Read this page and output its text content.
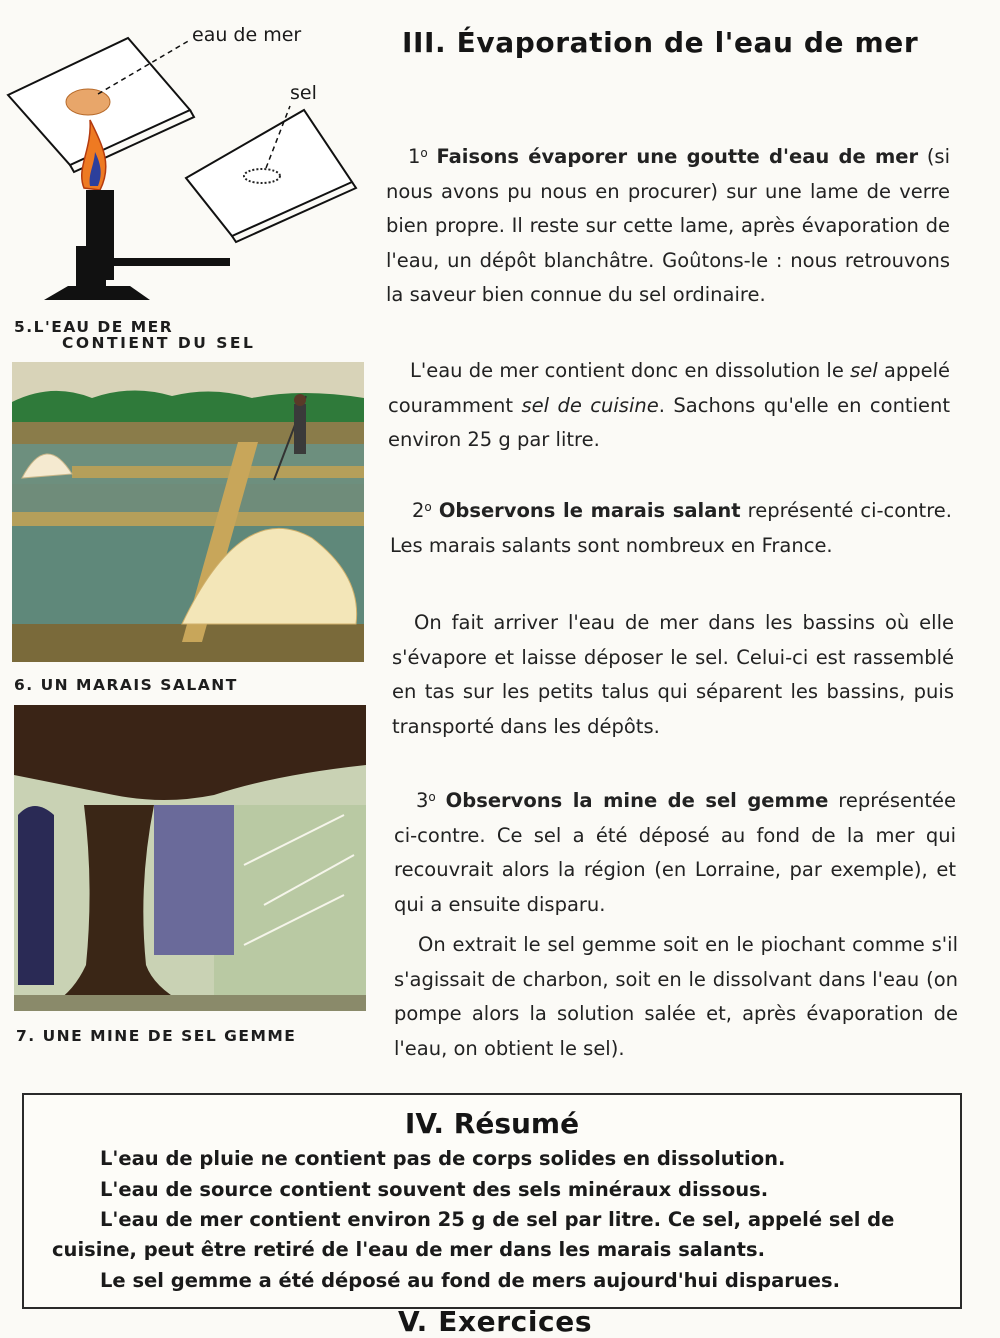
eau de mer
sel
5.L'EAU DE MER
CONTIENT DU SEL
6. UN MARAIS SALANT
7. UNE MINE DE SEL GEMME
III. Évaporation de l'eau de mer
1$^o$ Faisons évaporer une goutte d'eau de mer (si nous avons pu nous en procurer) sur une lame de verre bien propre. Il reste sur cette lame, après évaporation de l'eau, un dépôt blanchâtre. Goûtons-le : nous retrouvons la saveur bien connue du sel ordinaire.
L'eau de mer contient donc en dissolution le sel appelé couramment sel de cuisine. Sachons qu'elle en contient environ 25 g par litre.
2$^o$ Observons le marais salant représenté ci-contre. Les marais salants sont nombreux en France.
On fait arriver l'eau de mer dans les bassins où elle s'évapore et laisse déposer le sel. Celui-ci est rassemblé en tas sur les petits talus qui séparent les bassins, puis transporté dans les dépôts.
3$^o$ Observons la mine de sel gemme représentée ci-contre. Ce sel a été déposé au fond de la mer qui recouvrait alors la région (en Lorraine, par exemple), et qui a ensuite disparu.
On extrait le sel gemme soit en le piochant comme s'il s'agissait de charbon, soit en le dissolvant dans l'eau (on pompe alors la solution salée et, après évaporation de l'eau, on obtient le sel).
IV. Résumé
L'eau de pluie ne contient pas de corps solides en dissolution.
L'eau de source contient souvent des sels minéraux dissous.
L'eau de mer contient environ 25 g de sel par litre. Ce sel, appelé sel de
cuisine, peut être retiré de l'eau de mer dans les marais salants.
Le sel gemme a été déposé au fond de mers aujourd'hui disparues.
V. Exercices
